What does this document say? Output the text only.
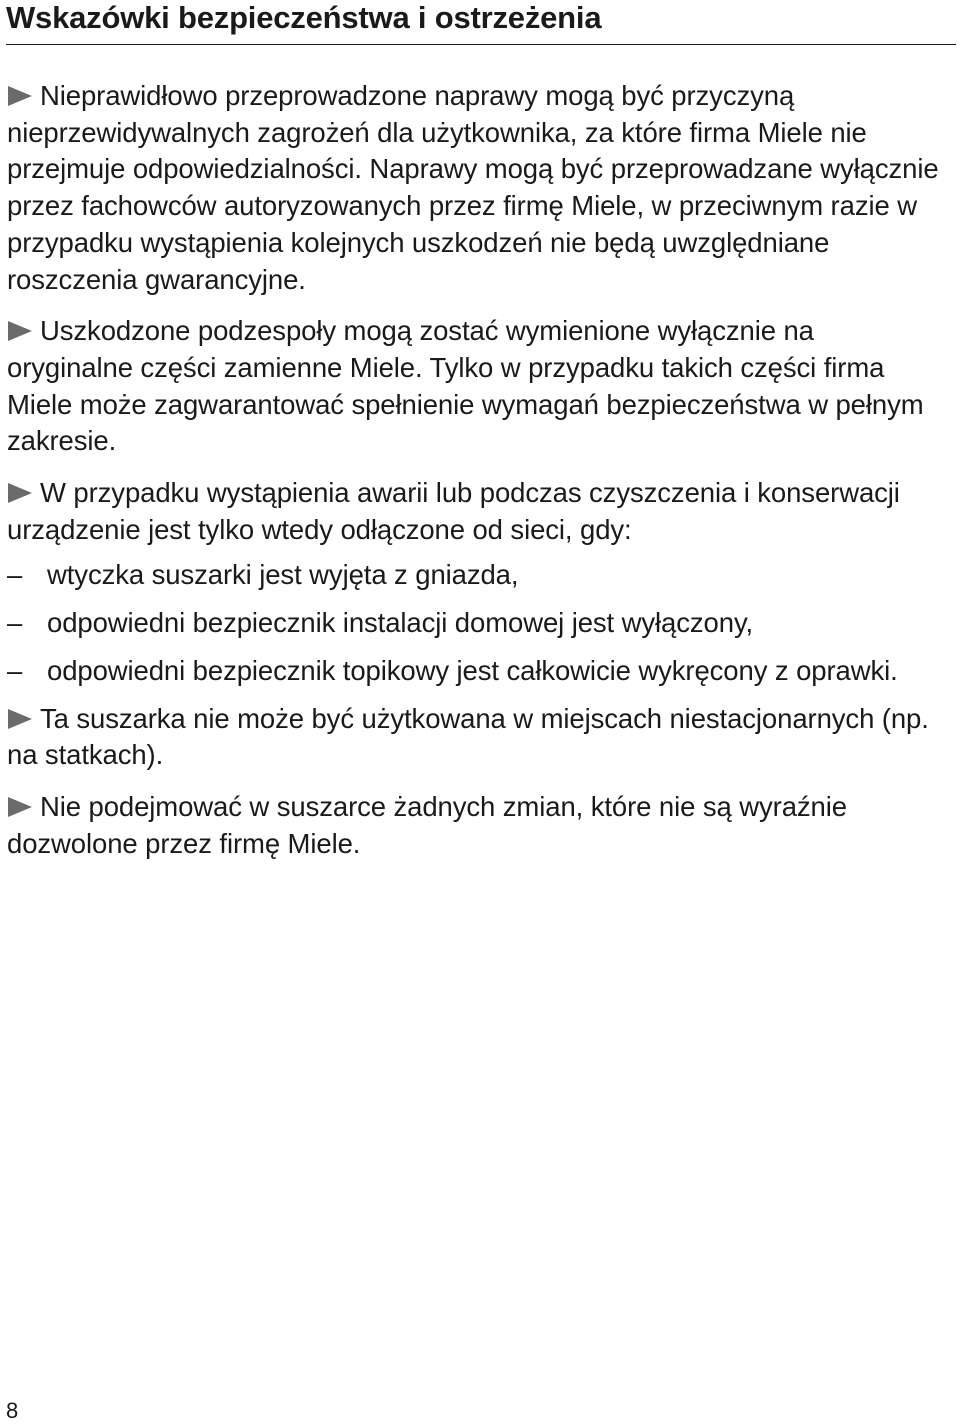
Wskazówki bezpieczeństwa i ostrzeżenia

Nieprawidłowo przeprowadzone naprawy mogą być przyczyną nieprzewidywalnych zagrożeń dla użytkownika, za które firma Miele nie przejmuje odpowiedzialności. Naprawy mogą być przeprowadzane wyłącznie przez fachowców autoryzowanych przez firmę Miele, w przeciwnym razie w przypadku wystąpienia kolejnych uszkodzeń nie będą uwzględniane roszczenia gwarancyjne.

Uszkodzone podzespoły mogą zostać wymienione wyłącznie na oryginalne części zamienne Miele. Tylko w przypadku takich części firma Miele może zagwarantować spełnienie wymagań bezpieczeństwa w pełnym zakresie.

W przypadku wystąpienia awarii lub podczas czyszczenia i konserwacji urządzenie jest tylko wtedy odłączone od sieci, gdy:

– wtyczka suszarki jest wyjęta z gniazda,
– odpowiedni bezpiecznik instalacji domowej jest wyłączony,
– odpowiedni bezpiecznik topikowy jest całkowicie wykręcony z oprawki.

Ta suszarka nie może być użytkowana w miejscach niestacjonarnych (np. na statkach).

Nie podejmować w suszarce żadnych zmian, które nie są wyraźnie dozwolone przez firmę Miele.

8
